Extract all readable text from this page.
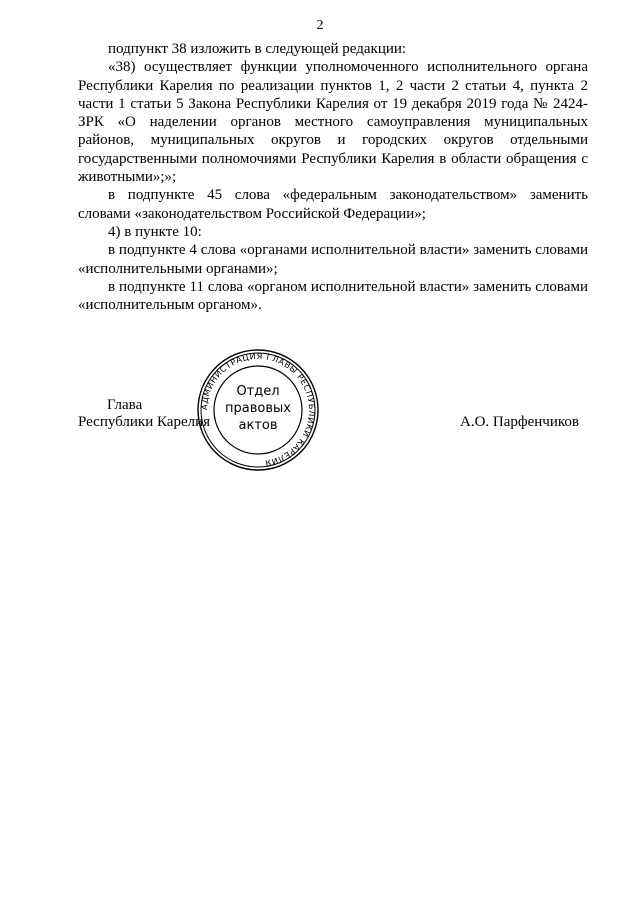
2

подпункт 38 изложить в следующей редакции:

«38) осуществляет функции уполномоченного исполнительного органа Республики Карелия по реализации пунктов 1, 2 части 2 статьи 4, пункта 2 части 1 статьи 5 Закона Республики Карелия от 19 декабря 2019 года № 2424-ЗРК «О наделении органов местного самоуправления муниципальных районов, муниципальных округов и городских округов отдельными государственными полномочиями Республики Карелия в области обращения с животными»;»;

в подпункте 45 слова «федеральным законодательством» заменить словами «законодательством Российской Федерации»;

4) в пункте 10:

в подпункте 4 слова «органами исполнительной власти» заменить словами «исполнительными органами»;

в подпункте 11 слова «органом исполнительной власти» заменить словами «исполнительным органом».

АДМИНИСТРАЦИЯ ГЛАВЫ РЕСПУБЛИКИ КАРЕЛИЯ
Отдел
правовых
актов
Глава
Республики Карелия	А.О. Парфенчиков
